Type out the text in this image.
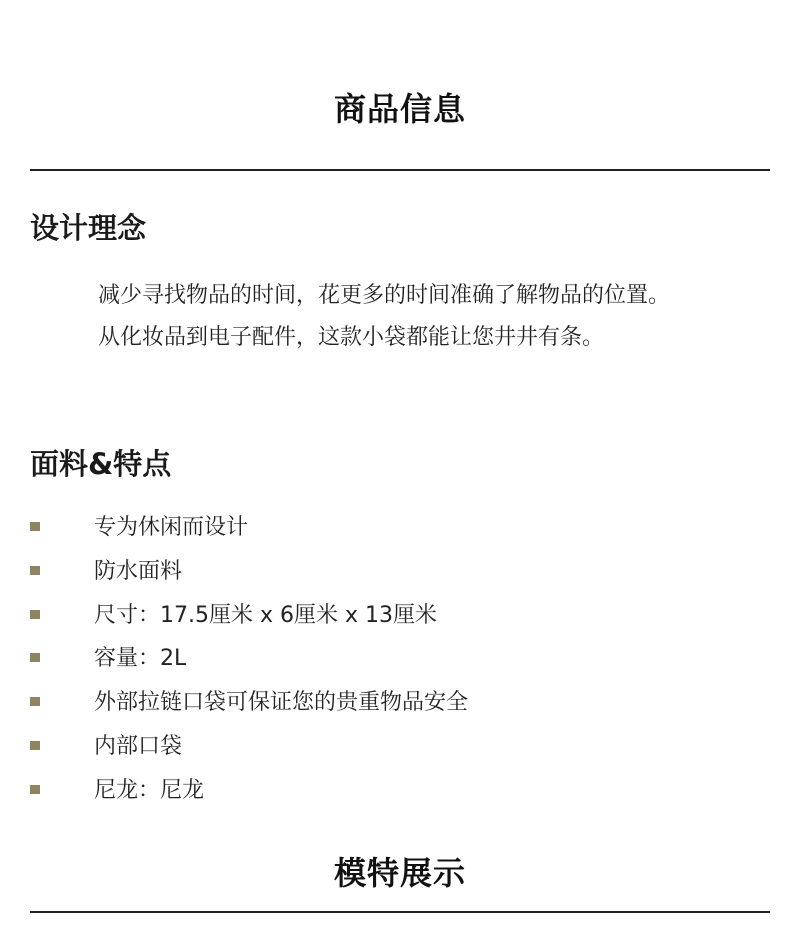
商品信息
设计理念
减少寻找物品的时间，花更多的时间准确了解物品的位置。
从化妆品到电子配件，这款小袋都能让您井井有条。
面料&特点
专为休闲而设计
防水面料
尺寸：17.5厘米 x 6厘米 x 13厘米
容量：2L
外部拉链口袋可保证您的贵重物品安全
内部口袋
尼龙：尼龙
模特展示
